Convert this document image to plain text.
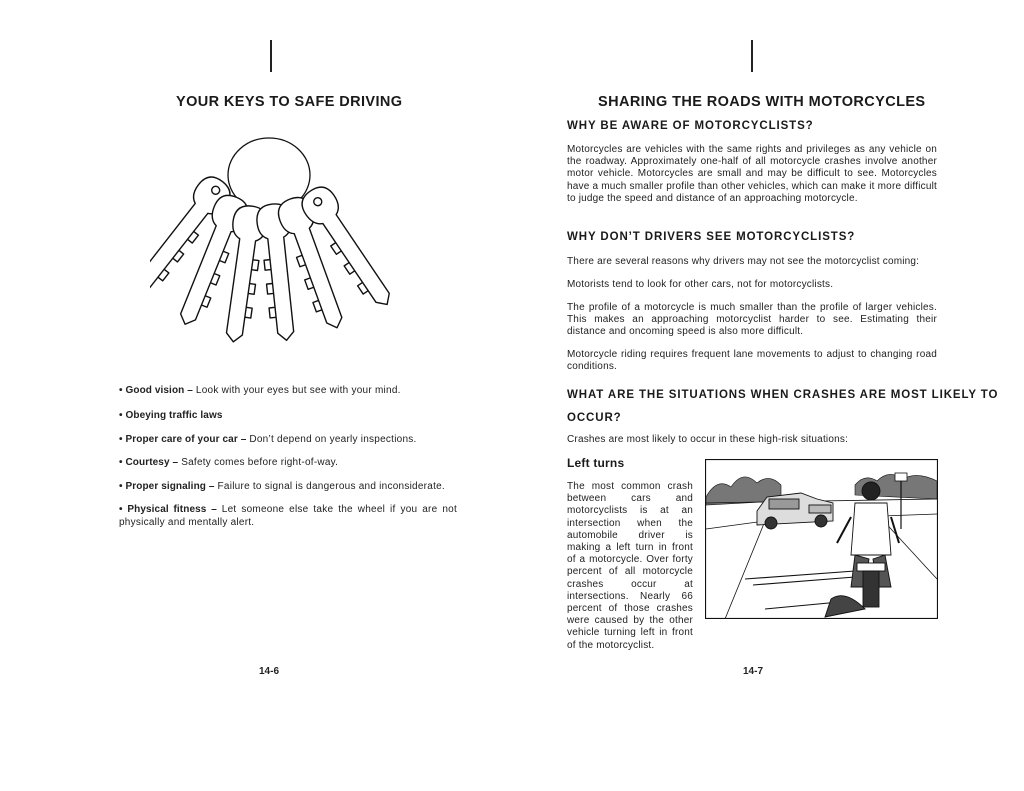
YOUR KEYS TO SAFE DRIVING
• Good vision – Look with your eyes but see with your mind.
• Obeying traffic laws
• Proper care of your car – Don’t depend on yearly inspections.
• Courtesy – Safety comes before right-of-way.
• Proper signaling – Failure to signal is dangerous and inconsiderate.
• Physical fitness – Let someone else take the wheel if you are not physically and mentally alert.
14-6
SHARING THE ROADS WITH MOTORCYCLES
WHY BE AWARE OF MOTORCYCLISTS?
Motorcycles are vehicles with the same rights and privileges as any vehicle on the roadway. Approximately one-half of all motorcycle crashes involve another motor vehicle. Motorcycles are small and may be difficult to see. Motorcycles have a much smaller profile than other vehicles, which can make it more difficult to judge the speed and distance of an approaching motorcycle.
WHY DON’T DRIVERS SEE MOTORCYCLISTS?
There are several reasons why drivers may not see the motorcyclist coming:
Motorists tend to look for other cars, not for motorcyclists.
The profile of a motorcycle is much smaller than the profile of larger vehicles. This makes an approaching motorcyclist harder to see. Estimating their distance and oncoming speed is also more difficult.
Motorcycle riding requires frequent lane movements to adjust to changing road conditions.
WHAT ARE THE SITUATIONS WHEN CRASHES ARE MOST LIKELY TO
OCCUR?
Crashes are most likely to occur in these high-risk situations:
Left turns
The most common crash between cars and motorcyclists is at an intersection when the automobile driver is making a left turn in front of a motorcycle. Over forty percent of all motorcycle crashes occur at intersections. Nearly 66 percent of those crashes were caused by the other vehicle turning left in front of the motorcyclist.
14-7
